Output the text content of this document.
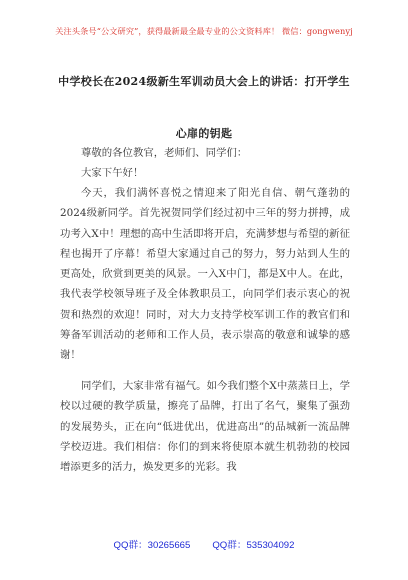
关注头条号“公文研究”，获得最新最全最专业的公文资料库！ 微信：gongwenyj
中学校长在2024级新生军训动员大会上的讲话：打开学生
心扉的钥匙

尊敬的各位教官，老师们、同学们：

大家下午好！

今天，我们满怀喜悦之情迎来了阳光自信、朝气蓬勃的2024级新同学。首先祝贺同学们经过初中三年的努力拼搏，成功考入X中！理想的高中生活即将开启，充满梦想与希望的新征程也揭开了序幕！希望大家通过自己的努力，努力站到人生的更高处，欣赏到更美的风景。一入X中门，都是X中人。在此，我代表学校领导班子及全体教职员工，向同学们表示衷心的祝贺和热烈的欢迎！同时，对大力支持学校军训工作的教官们和筹备军训活动的老师和工作人员，表示崇高的敬意和诚挚的感谢！

同学们，大家非常有福气。如今我们整个X中蒸蒸日上，学校以过硬的教学质量，擦亮了品牌，打出了名气，聚集了强劲的发展势头，正在向“低进优出，优进高出”的品城新一流品牌学校迈进。我们相信：你们的到来将使原本就生机勃勃的校园增添更多的活力，焕发更多的光彩。我

QQ群：30265665 QQ群：535304092
